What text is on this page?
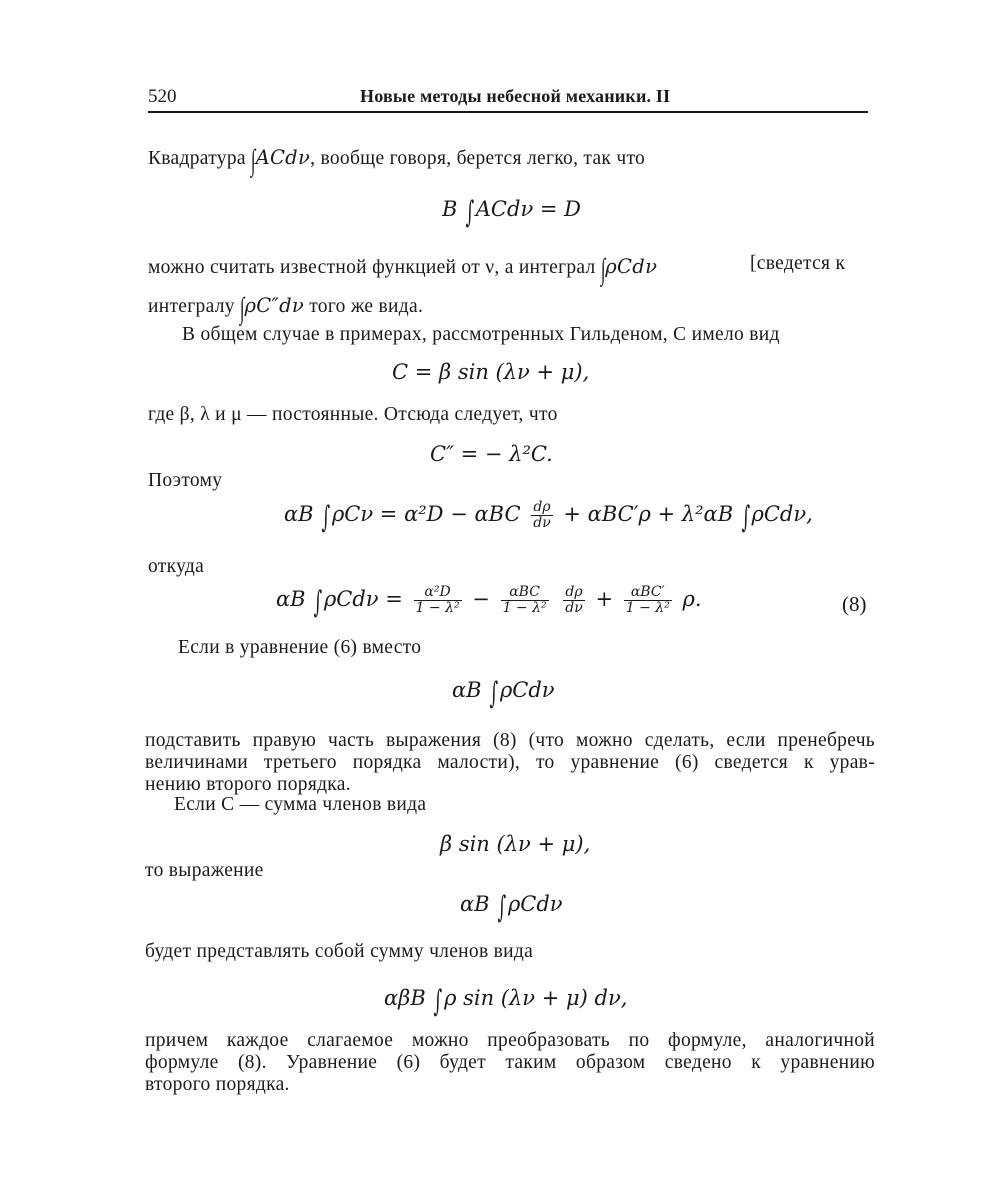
520	Новые методы небесной механики. II
Квадратура ∫ACdν, вообще говоря, берется легко, так что
B ∫ACdν = D
можно считать известной функцией от ν, а интеграл ∫ρCdν	[сведется к
интегралу ∫ρC″dν того же вида.
В общем случае в примерах, рассмотренных Гильденом, C имело вид
C = β sin (λν + μ),
где β, λ и μ — постоянные. Отсюда следует, что
C″ = − λ²C.
Поэтому
αB ∫ρCν = α²D − αBC $\frac{d\rho}{d\nu} + \alpha BC'\rho + \lambda^2\alpha B$ ∫ρCdν,
откуда
αB $\int\rho Cd\nu = \frac{\text{α²D}}{\text{1 − λ²}} - \frac{\text{αBC}}{\text{1 − λ²}}$
$\frac{d\rho}{d\nu} + \frac{\text{αBC′}}{\text{1 − λ²}} \rho$.	(8)
Если в уравнение (6) вместо
αB ∫ρCdν
подставить правую часть выражения (8) (что можно сделать, если пренебречь
величинами третьего порядка малости), то уравнение (6) сведется к урав-
нению второго порядка.
Если C — сумма членов вида
β sin (λν + μ),
то выражение
αB ∫ρCdν
будет представлять собой сумму членов вида
αβB ∫ρ sin (λν + μ) dν,
причем каждое слагаемое можно преобразовать по формуле, аналогичной
формуле (8). Уравнение (6) будет таким образом сведено к уравнению
второго порядка.
